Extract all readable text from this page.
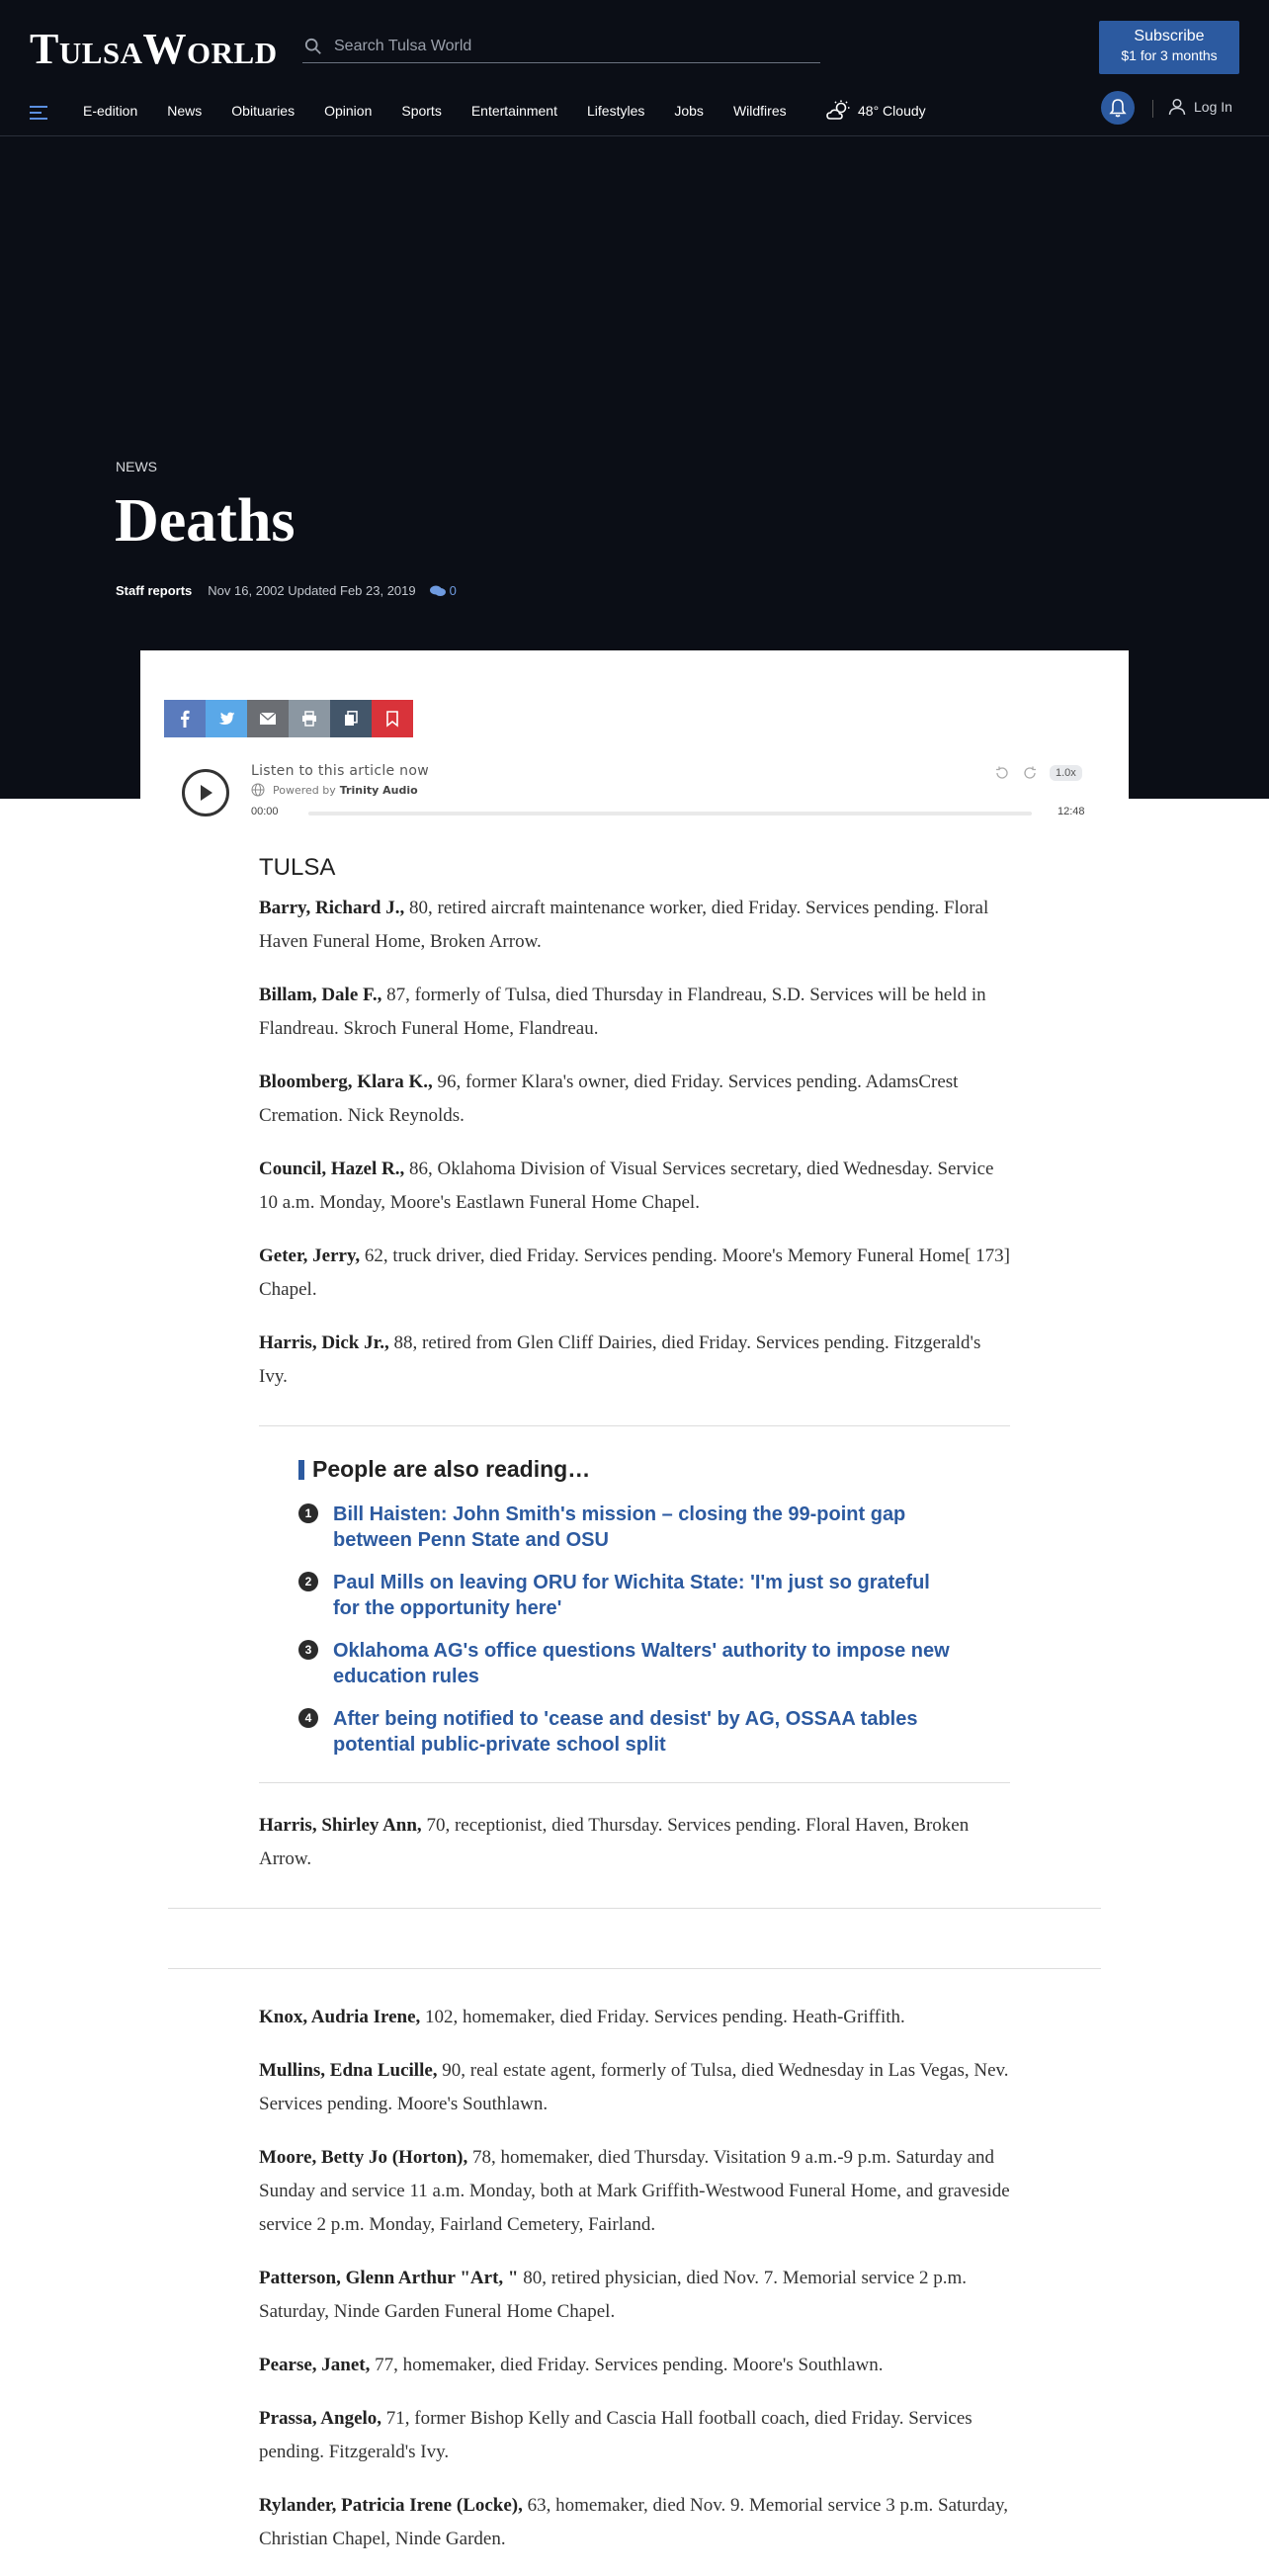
TulsaWorld
Search Tulsa World	Subscribe
$1 for 3 months
E-edition News Obituaries Opinion Sports Entertainment Lifestyles Jobs Wildfires	48° Cloudy	Log In
NEWS
Deaths
Staff reports Nov 16, 2002 Updated Feb 23, 2019	0
Listen to this article now
Powered by Trinity Audio
1.0x
00:00	12:48
TULSA

Barry, Richard J., 80, retired aircraft maintenance worker, died Friday. Services pending. Floral Haven Funeral Home, Broken Arrow.

Billam, Dale F., 87, formerly of Tulsa, died Thursday in Flandreau, S.D. Services will be held in Flandreau. Skroch Funeral Home, Flandreau.

Bloomberg, Klara K., 96, former Klara's owner, died Friday. Services pending. AdamsCrest Cremation. Nick Reynolds.

Council, Hazel R., 86, Oklahoma Division of Visual Services secretary, died Wednesday. Service 10 a.m. Monday, Moore's Eastlawn Funeral Home Chapel.

Geter, Jerry, 62, truck driver, died Friday. Services pending. Moore's Memory Funeral Home[ 173] Chapel.

Harris, Dick Jr., 88, retired from Glen Cliff Dairies, died Friday. Services pending. Fitzgerald's Ivy.

People are also reading…
1	Bill Haisten: John Smith's mission – closing the 99-point gap between Penn State and OSU
2	Paul Mills on leaving ORU for Wichita State: 'I'm just so grateful for the opportunity here'
3	Oklahoma AG's office questions Walters' authority to impose new education rules
4	After being notified to 'cease and desist' by AG, OSSAA tables potential public-private school split

Harris, Shirley Ann, 70, receptionist, died Thursday. Services pending. Floral Haven, Broken Arrow.

Knox, Audria Irene, 102, homemaker, died Friday. Services pending. Heath-Griffith.

Mullins, Edna Lucille, 90, real estate agent, formerly of Tulsa, died Wednesday in Las Vegas, Nev. Services pending. Moore's Southlawn.

Moore, Betty Jo (Horton), 78, homemaker, died Thursday. Visitation 9 a.m.-9 p.m. Saturday and Sunday and service 11 a.m. Monday, both at Mark Griffith-Westwood Funeral Home, and graveside service 2 p.m. Monday, Fairland Cemetery, Fairland.

Patterson, Glenn Arthur "Art, " 80, retired physician, died Nov. 7. Memorial service 2 p.m. Saturday, Ninde Garden Funeral Home Chapel.

Pearse, Janet, 77, homemaker, died Friday. Services pending. Moore's Southlawn.

Prassa, Angelo, 71, former Bishop Kelly and Cascia Hall football coach, died Friday. Services pending. Fitzgerald's Ivy.

Rylander, Patricia Irene (Locke), 63, homemaker, died Nov. 9. Memorial service 3 p.m. Saturday, Christian Chapel, Ninde Garden.
